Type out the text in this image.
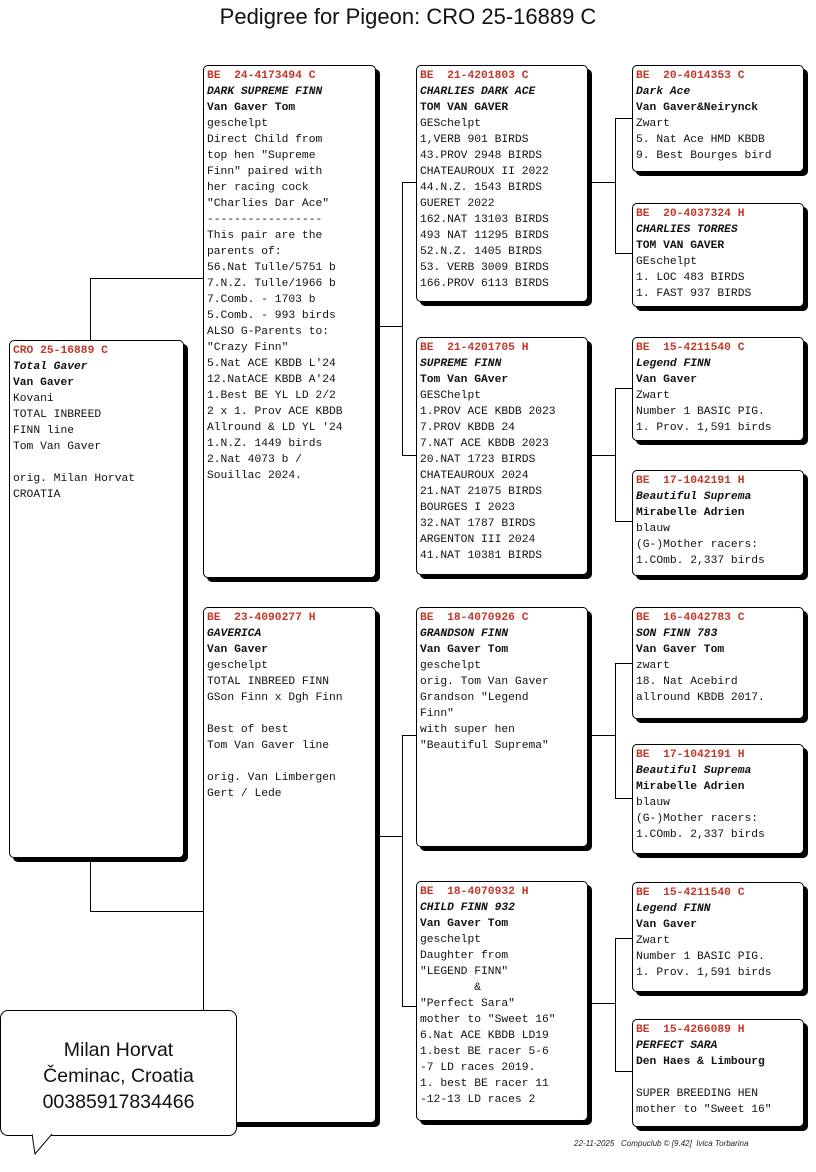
Pedigree for Pigeon: CRO 25-16889 C
CRO 25-16889 C
Total Gaver
Van Gaver
Kovani
TOTAL INBREED
FINN line
Tom Van Gaver

orig. Milan Horvat
CROATIA
BE  24-4173494 C
DARK SUPREME FINN
Van Gaver Tom
geschelpt
Direct Child from
top hen "Supreme
Finn" paired with
her racing cock
"Charlies Dar Ace"
-----------------
This pair are the
parents of:
56.Nat Tulle/5751 b
7.N.Z. Tulle/1966 b
7.Comb. - 1703 b
5.Comb. - 993 birds
ALSO G-Parents to:
"Crazy Finn"
5.Nat ACE KBDB L'24
12.NatACE KBDB A'24
1.Best BE YL LD 2/2
2 x 1. Prov ACE KBDB
Allround & LD YL '24
1.N.Z. 1449 birds
2.Nat 4073 b /
Souillac 2024.
BE  23-4090277 H
GAVERICA
Van Gaver
geschelpt
TOTAL INBREED FINN
GSon Finn x Dgh Finn

Best of best
Tom Van Gaver line

orig. Van Limbergen
Gert / Lede
BE  21-4201803 C
CHARLIES DARK ACE
TOM VAN GAVER
GESchelpt
1,VERB 901 BIRDS
43.PROV 2948 BIRDS
CHATEAUROUX II 2022
44.N.Z. 1543 BIRDS
GUERET 2022
162.NAT 13103 BIRDS
493 NAT 11295 BIRDS
52.N.Z. 1405 BIRDS
53. VERB 3009 BIRDS
166.PROV 6113 BIRDS
BE  21-4201705 H
SUPREME FINN
Tom Van GAver
GESChelpt
1.PROV ACE KBDB 2023
7.PROV KBDB 24
7.NAT ACE KBDB 2023
20.NAT 1723 BIRDS
CHATEAUROUX 2024
21.NAT 21075 BIRDS
BOURGES I 2023
32.NAT 1787 BIRDS
ARGENTON III 2024
41.NAT 10381 BIRDS
BE  18-4070926 C
GRANDSON FINN
Van Gaver Tom
geschelpt
orig. Tom Van Gaver
Grandson "Legend
Finn"
with super hen
"Beautiful Suprema"
BE  18-4070932 H
CHILD FINN 932
Van Gaver Tom
geschelpt
Daughter from
"LEGEND FINN"
&
"Perfect Sara"
mother to "Sweet 16"
6.Nat ACE KBDB LD19
1.best BE racer 5-6
-7 LD races 2019.
1. best BE racer 11
-12-13 LD races 2
BE  20-4014353 C
Dark Ace
Van Gaver&Neirynck
Zwart
5. Nat Ace HMD KBDB
9. Best Bourges bird
BE  20-4037324 H
CHARLIES TORRES
TOM VAN GAVER
GEschelpt
1. LOC 483 BIRDS
1. FAST 937 BIRDS
BE  15-4211540 C
Legend FINN
Van Gaver
Zwart
Number 1 BASIC PIG.
1. Prov. 1,591 birds
BE  17-1042191 H
Beautiful Suprema
Mirabelle Adrien
blauw
(G-)Mother racers:
1.COmb. 2,337 birds
BE  16-4042783 C
SON FINN 783
Van Gaver Tom
zwart
18. Nat Acebird
allround KBDB 2017.
BE  17-1042191 H
Beautiful Suprema
Mirabelle Adrien
blauw
(G-)Mother racers:
1.COmb. 2,337 birds
BE  15-4211540 C
Legend FINN
Van Gaver
Zwart
Number 1 BASIC PIG.
1. Prov. 1,591 birds
BE  15-4266089 H
PERFECT SARA
Den Haes & Limbourg

SUPER BREEDING HEN
mother to "Sweet 16"
Milan Horvat
Čeminac, Croatia
00385917834466
22-11-2025   Compuclub © [9.42]  Ivica Torbarina
